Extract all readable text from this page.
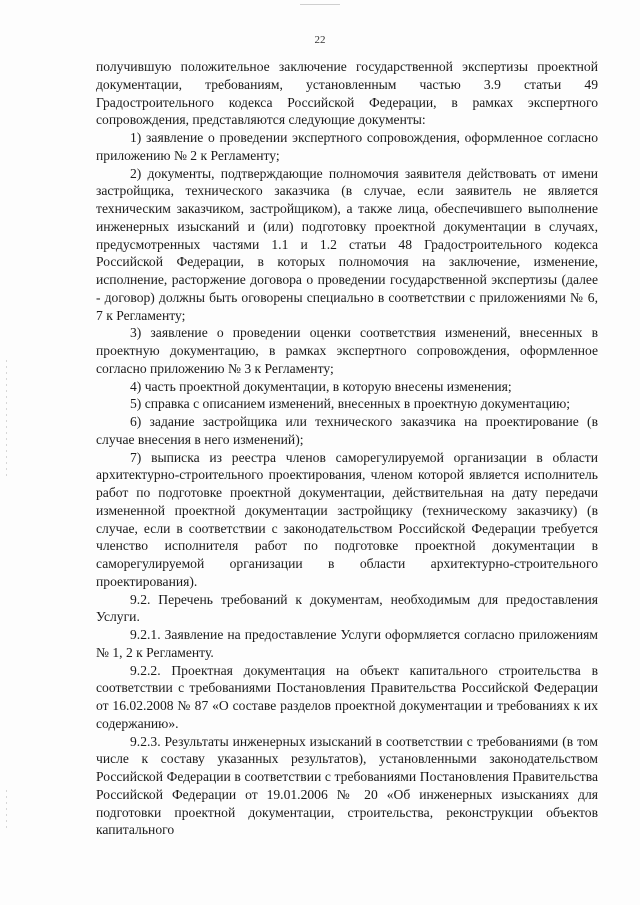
22

получившую положительное заключение государственной экспертизы проектной документации, требованиям, установленным частью 3.9 статьи 49 Градостроительного кодекса Российской Федерации, в рамках экспертного сопровождения, представляются следующие документы:

1) заявление о проведении экспертного сопровождения, оформленное согласно приложению № 2 к Регламенту;

2) документы, подтверждающие полномочия заявителя действовать от имени застройщика, технического заказчика (в случае, если заявитель не является техническим заказчиком, застройщиком), а также лица, обеспечившего выполнение инженерных изысканий и (или) подготовку проектной документации в случаях, предусмотренных частями 1.1 и 1.2 статьи 48 Градостроительного кодекса Российской Федерации, в которых полномочия на заключение, изменение, исполнение, расторжение договора о проведении государственной экспертизы (далее - договор) должны быть оговорены специально в соответствии с приложениями № 6, 7 к Регламенту;

3) заявление о проведении оценки соответствия изменений, внесенных в проектную документацию, в рамках экспертного сопровождения, оформленное согласно приложению № 3 к Регламенту;

4) часть проектной документации, в которую внесены изменения;

5) справка с описанием изменений, внесенных в проектную документацию;

6) задание застройщика или технического заказчика на проектирование (в случае внесения в него изменений);

7) выписка из реестра членов саморегулируемой организации в области архитектурно-строительного проектирования, членом которой является исполнитель работ по подготовке проектной документации, действительная на дату передачи измененной проектной документации застройщику (техническому заказчику) (в случае, если в соответствии с законодательством Российской Федерации требуется членство исполнителя работ по подготовке проектной документации в саморегулируемой организации в области архитектурно-строительного проектирования).

9.2. Перечень требований к документам, необходимым для предоставления Услуги.

9.2.1. Заявление на предоставление Услуги оформляется согласно приложениям № 1, 2 к Регламенту.

9.2.2. Проектная документация на объект капитального строительства в соответствии с требованиями Постановления Правительства Российской Федерации от 16.02.2008 № 87 «О составе разделов проектной документации и требованиях к их содержанию».

9.2.3. Результаты инженерных изысканий в соответствии с требованиями (в том числе к составу указанных результатов), установленными законодательством Российской Федерации в соответствии с требованиями Постановления Правительства Российской Федерации от 19.01.2006 № 20 «Об инженерных изысканиях для подготовки проектной документации, строительства, реконструкции объектов капитального
